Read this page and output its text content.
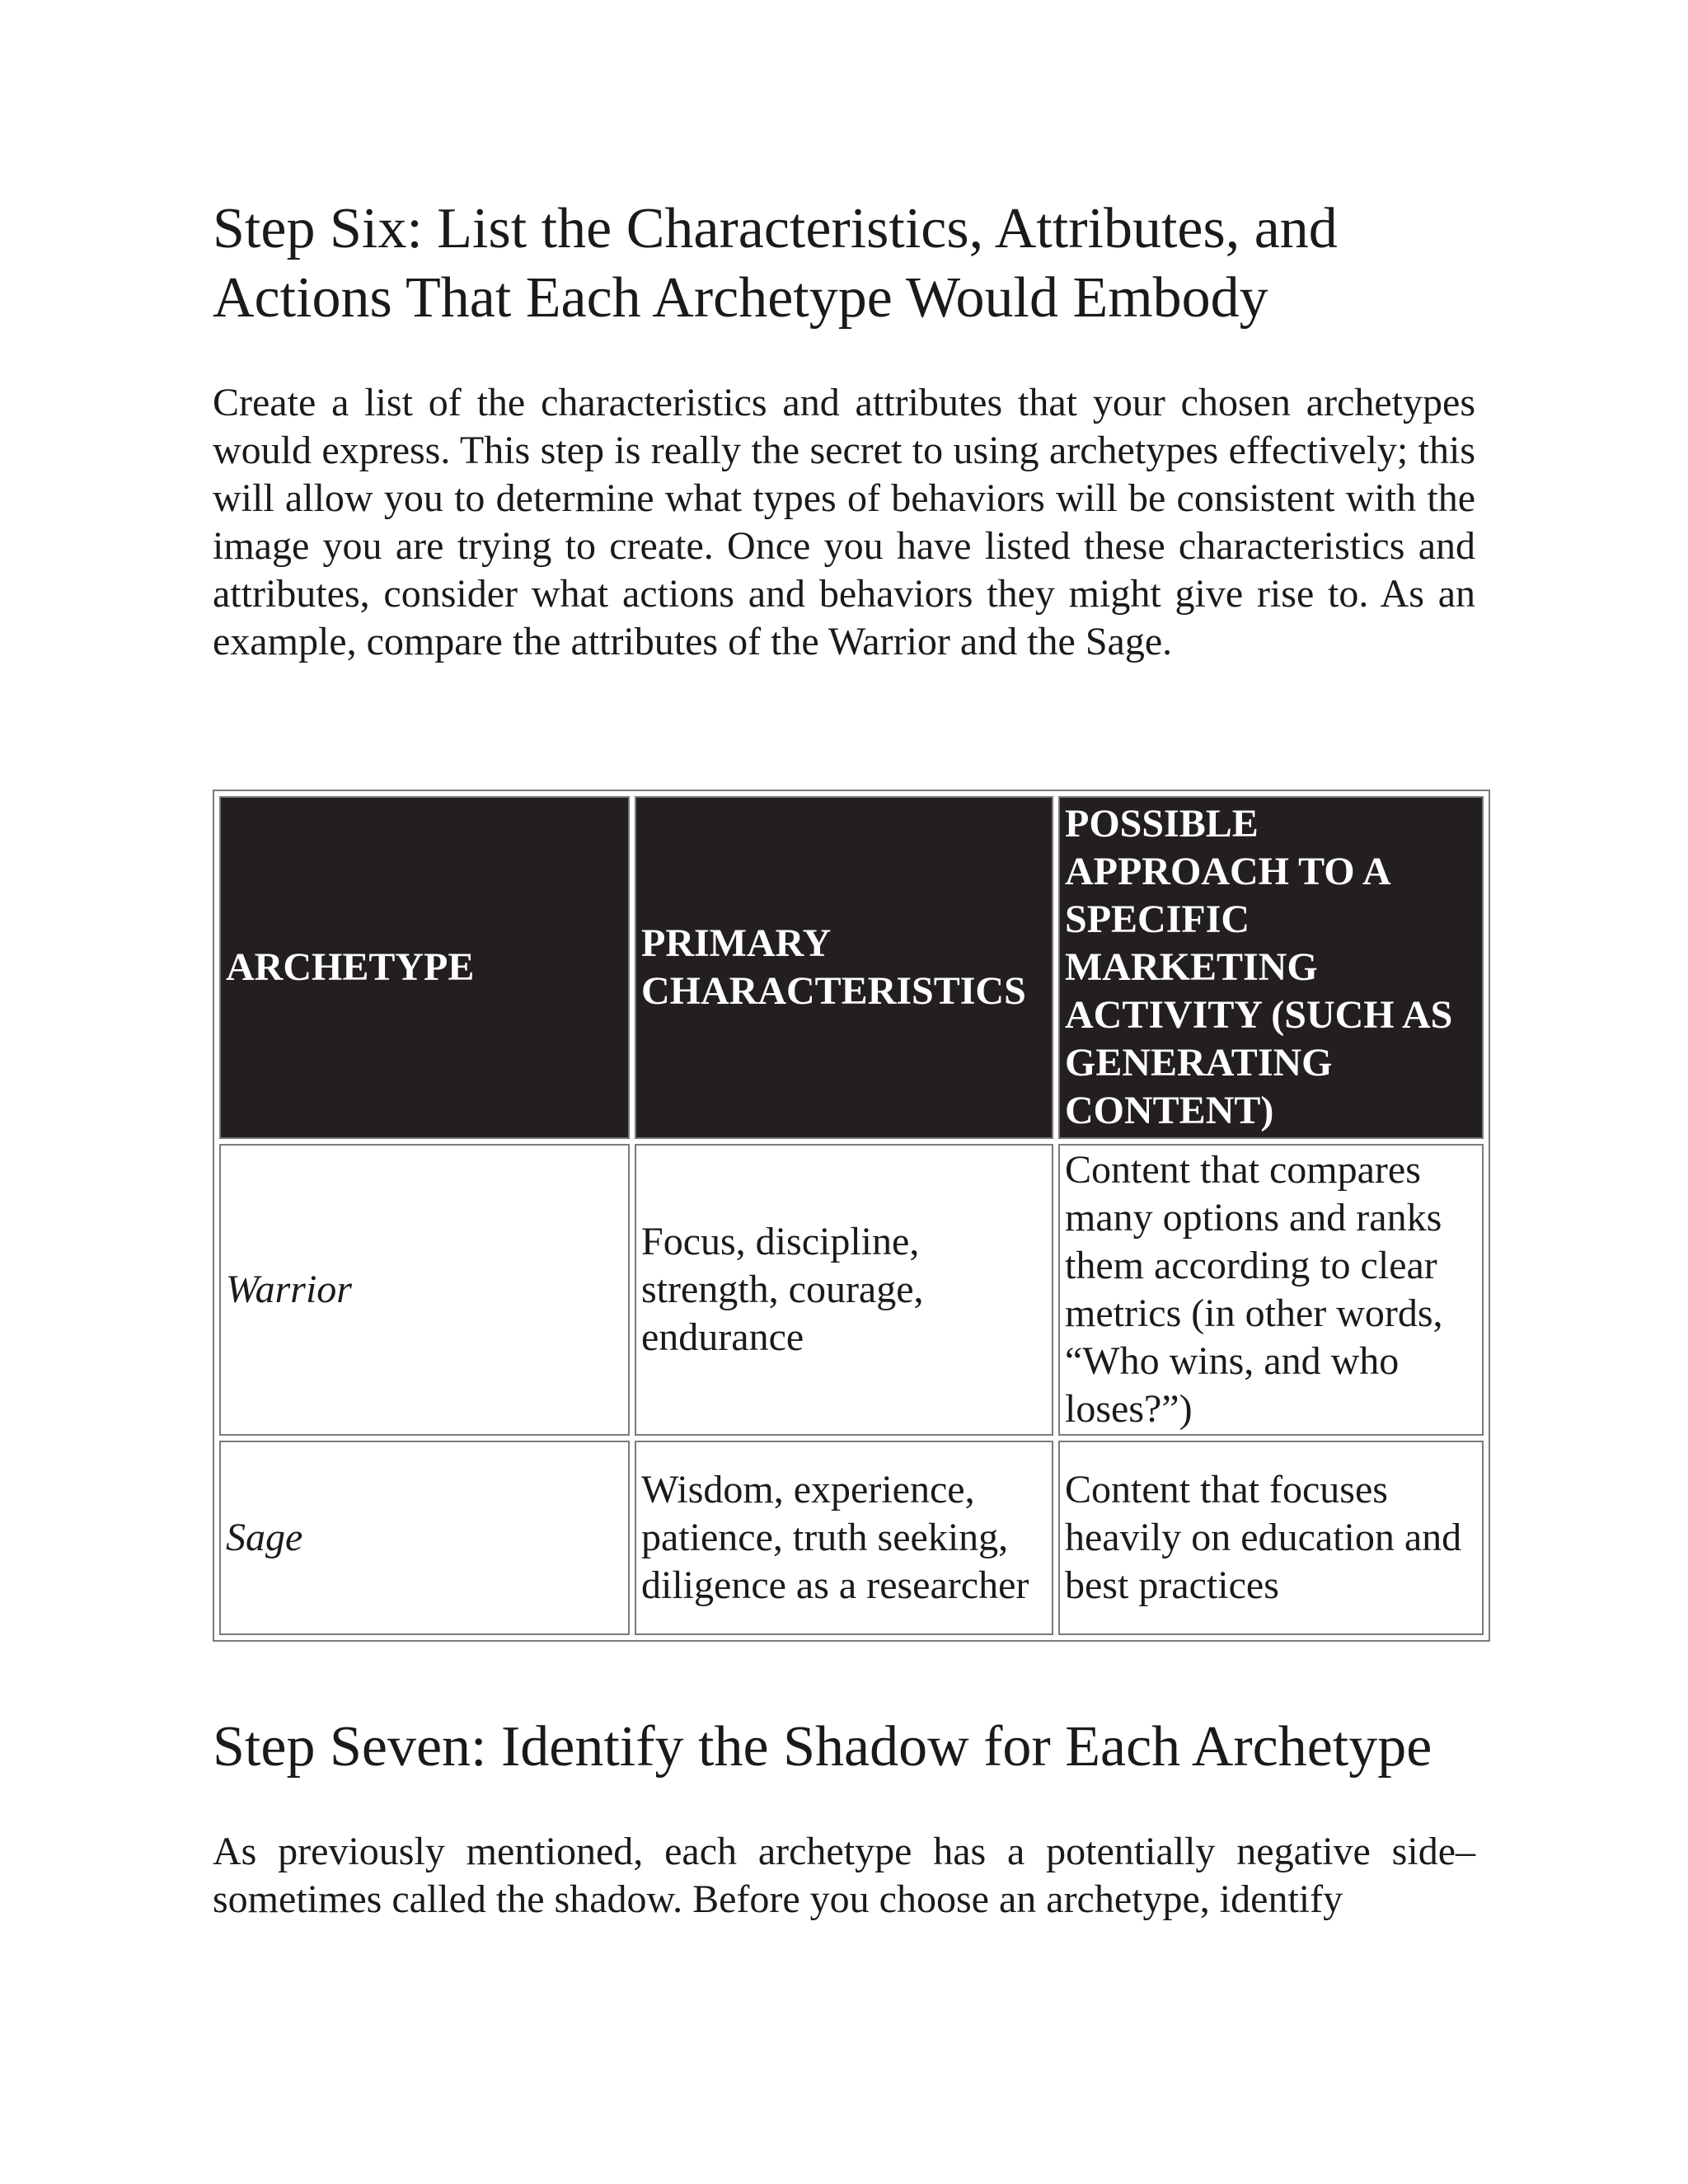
Step Six: List the Characteristics, Attributes, and Actions That Each Archetype Would Embody

Create a list of the characteristics and attributes that your chosen archetypes would express. This step is really the secret to using archetypes effectively; this will allow you to determine what types of behaviors will be consistent with the image you are trying to create. Once you have listed these characteristics and attributes, consider what actions and behaviors they might give rise to. As an example, compare the attributes of the Warrior and the Sage.

ARCHETYPE	PRIMARY CHARACTERISTICS	POSSIBLE APPROACH TO A SPECIFIC MARKETING ACTIVITY (SUCH AS GENERATING CONTENT)
Warrior	Focus, discipline, strength, courage, endurance	Content that compares many options and ranks them according to clear metrics (in other words, “Who wins, and who loses?”)
Sage	Wisdom, experience, patience, truth seeking, diligence as a researcher	Content that focuses heavily on education and best practices
Step Seven: Identify the Shadow for Each Archetype

As previously mentioned, each archetype has a potentially negative side–sometimes called the shadow. Before you choose an archetype, identify
